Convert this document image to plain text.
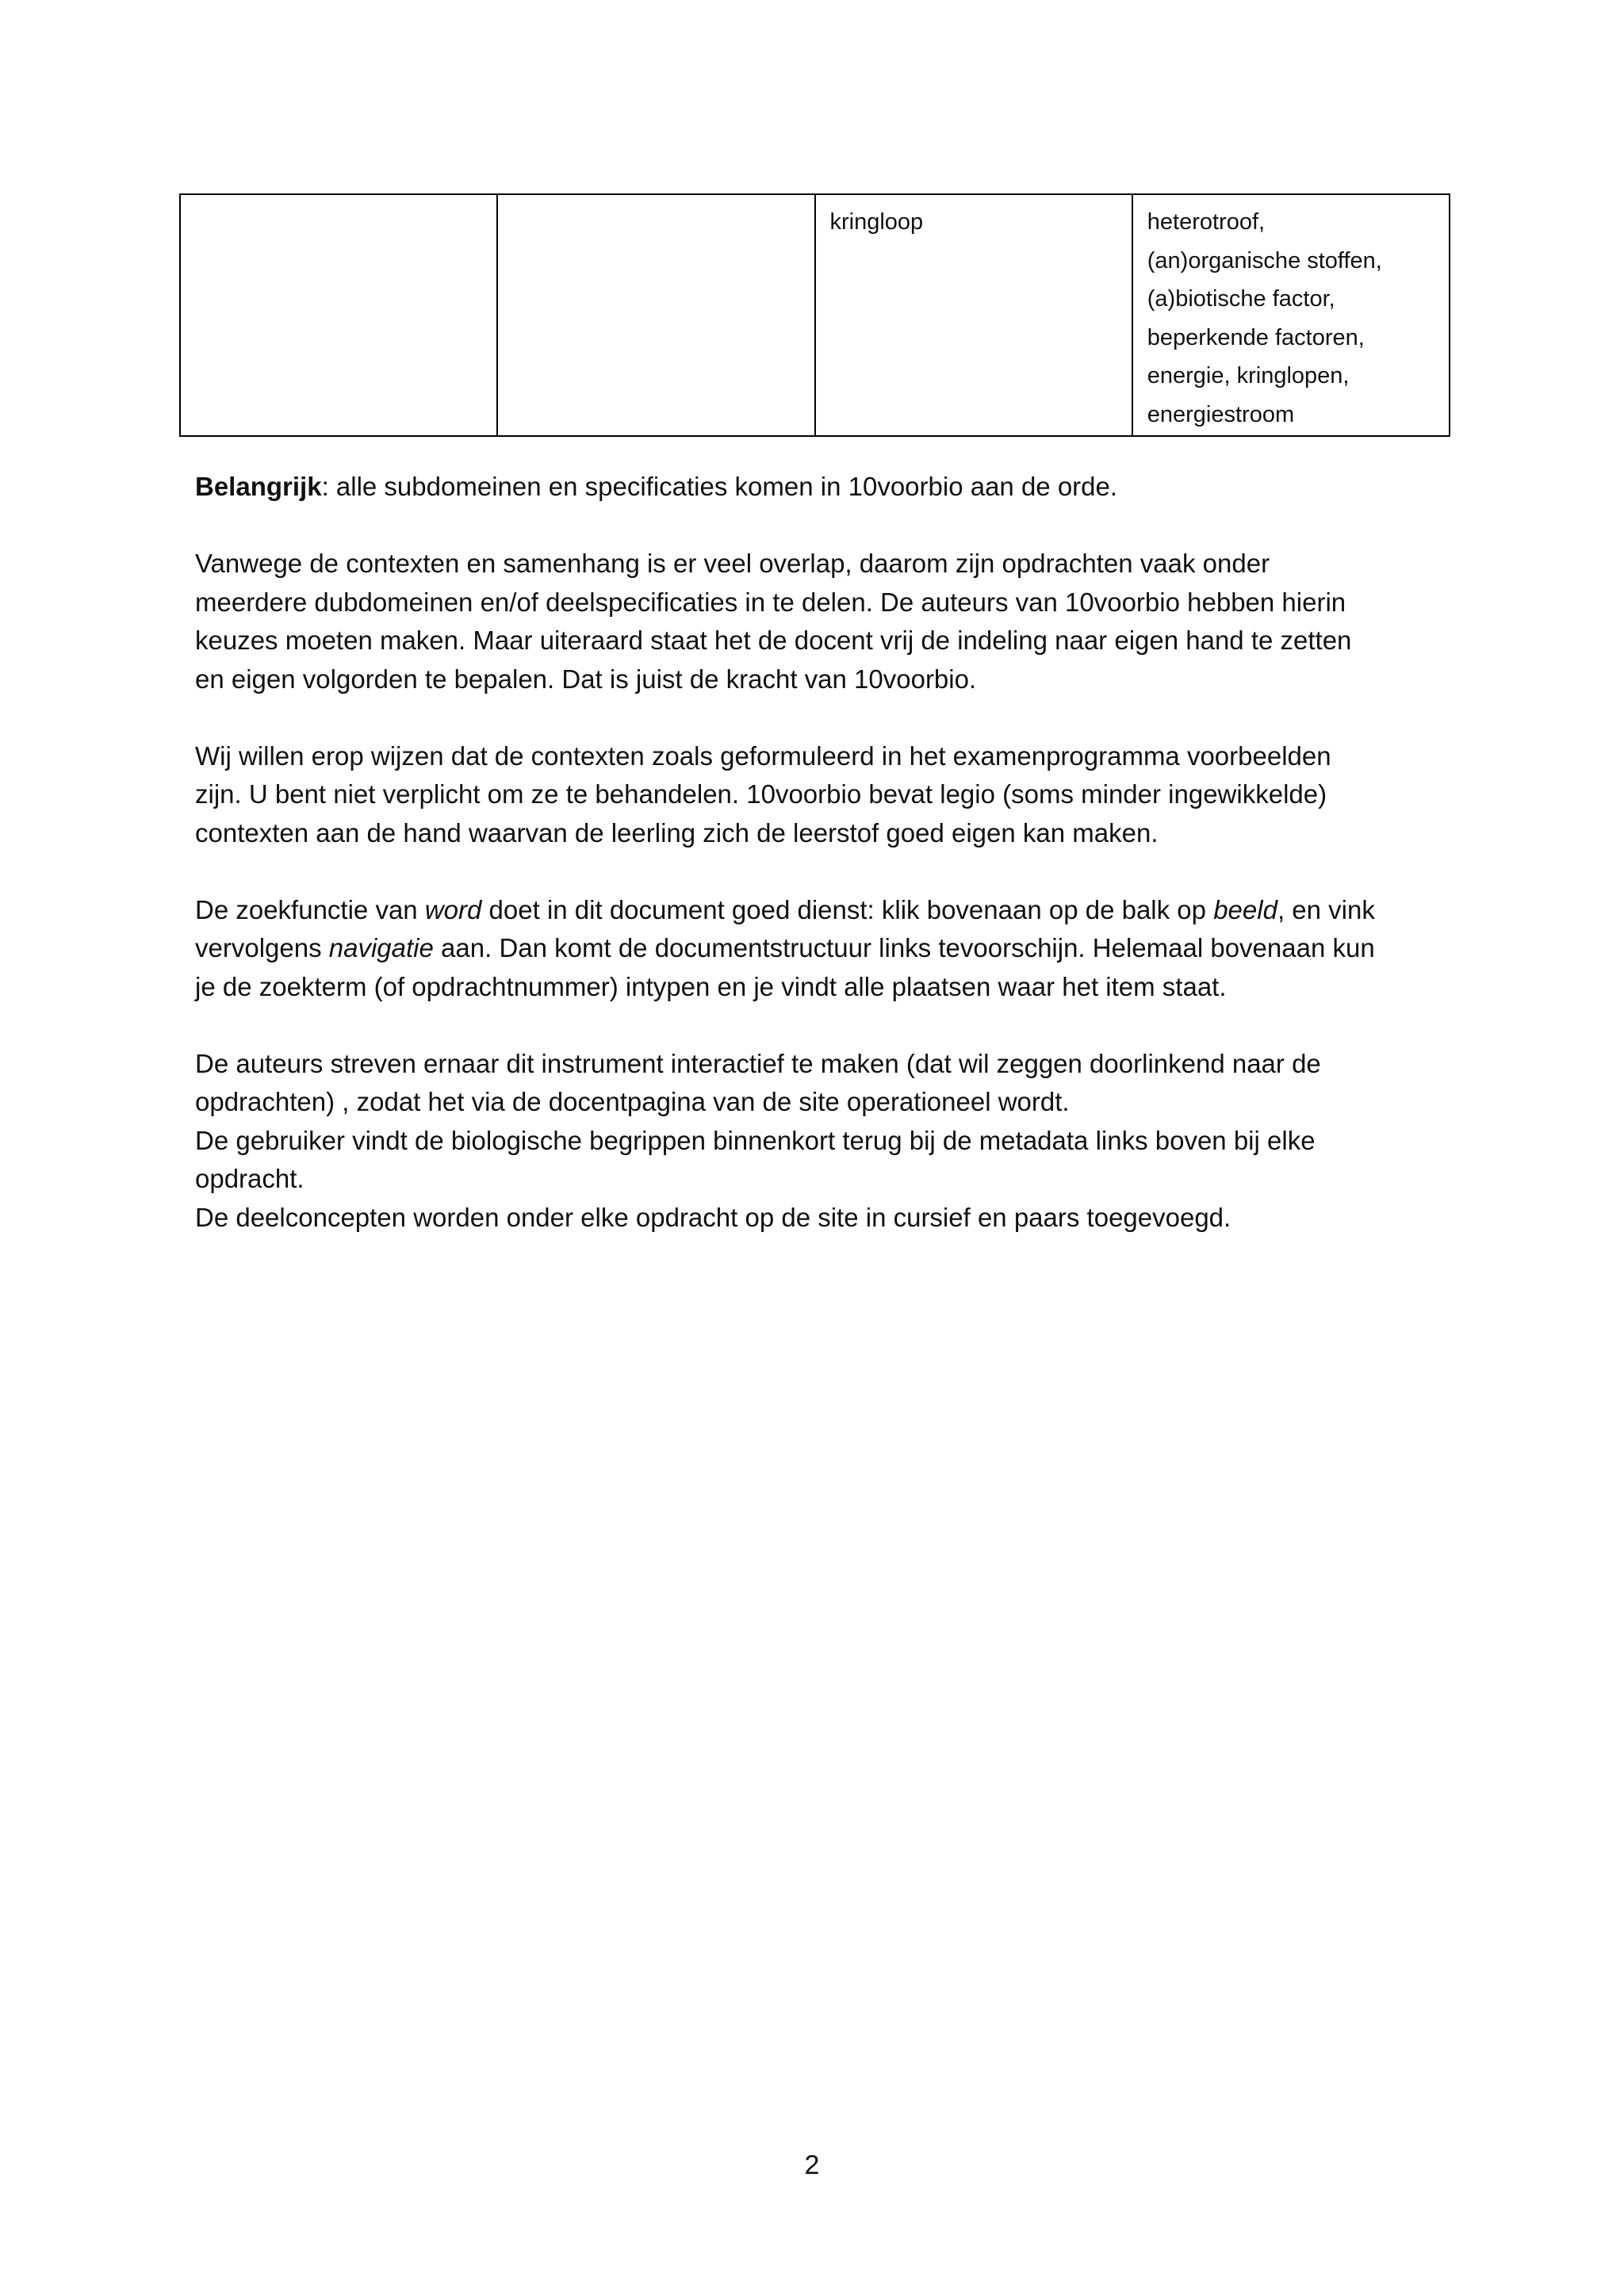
kringloop	heterotroof,
(an)organische stoffen,
(a)biotische factor,
beperkende factoren,
energie, kringlopen,
energiestroom

Belangrijk: alle subdomeinen en specificaties komen in 10voorbio aan de orde.

Vanwege de contexten en samenhang is er veel overlap, daarom zijn opdrachten vaak onder
meerdere dubdomeinen en/of deelspecificaties in te delen. De auteurs van 10voorbio hebben hierin
keuzes moeten maken. Maar uiteraard staat het de docent vrij de indeling naar eigen hand te zetten
en eigen volgorden te bepalen. Dat is juist de kracht van 10voorbio.

Wij willen erop wijzen dat de contexten zoals geformuleerd in het examenprogramma voorbeelden
zijn. U bent niet verplicht om ze te behandelen. 10voorbio bevat legio (soms minder ingewikkelde)
contexten aan de hand waarvan de leerling zich de leerstof goed eigen kan maken.

De zoekfunctie van word doet in dit document goed dienst: klik bovenaan op de balk op beeld, en vink
vervolgens navigatie aan. Dan komt de documentstructuur links tevoorschijn. Helemaal bovenaan kun
je de zoekterm (of opdrachtnummer) intypen en je vindt alle plaatsen waar het item staat.

De auteurs streven ernaar dit instrument interactief te maken (dat wil zeggen doorlinkend naar de
opdrachten) , zodat het via de docentpagina van de site operationeel wordt.
De gebruiker vindt de biologische begrippen binnenkort terug bij de metadata links boven bij elke
opdracht.
De deelconcepten worden onder elke opdracht op de site in cursief en paars toegevoegd.

2
